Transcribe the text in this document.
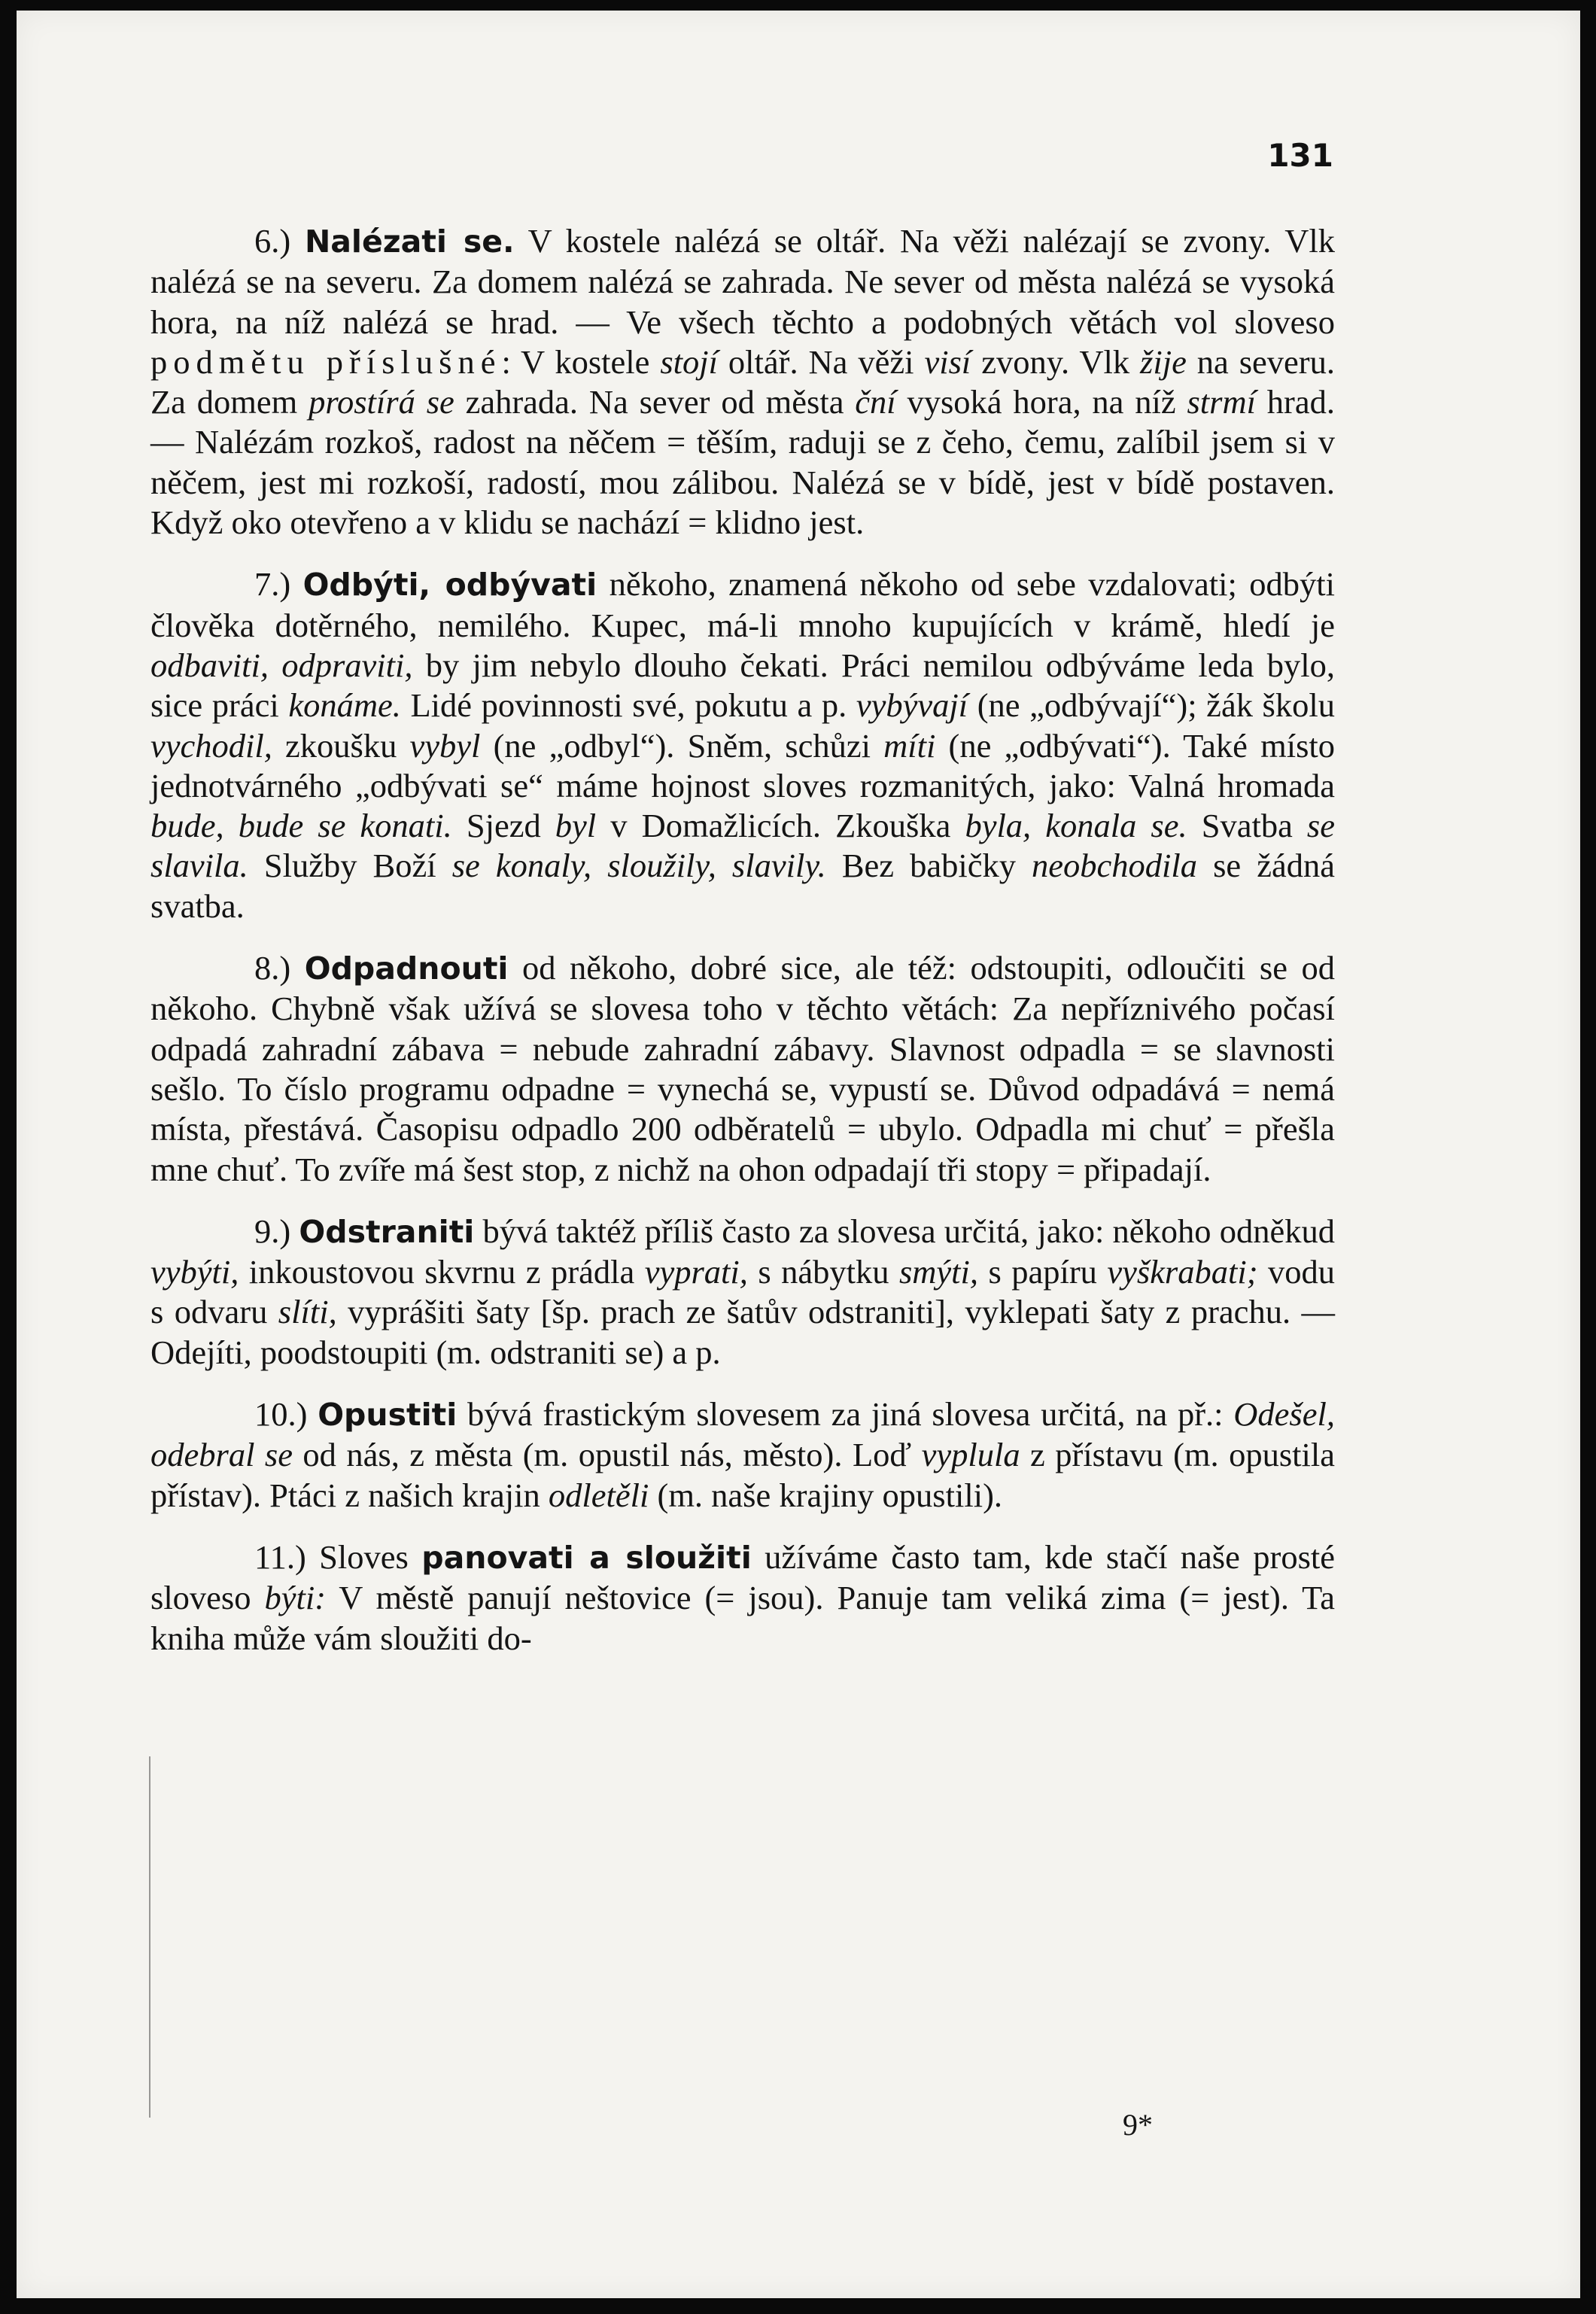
131

6.) Nalézati se. V kostele nalézá se oltář. Na věži nalézají se zvony. Vlk nalézá se na severu. Za domem nalézá se zahrada. Ne sever od města nalézá se vysoká hora, na níž nalézá se hrad. — Ve všech těchto a podobných větách vol sloveso podmětu příslušné: V kostele stojí oltář. Na věži visí zvony. Vlk žije na severu. Za domem prostírá se zahrada. Na sever od města ční vysoká hora, na níž strmí hrad. — Nalézám rozkoš, radost na něčem = těším, raduji se z čeho, čemu, zalíbil jsem si v něčem, jest mi rozkoší, radostí, mou zálibou. Nalézá se v bídě, jest v bídě postaven. Když oko otevřeno a v klidu se nachází = klidno jest.

7.) Odbýti, odbývati někoho, znamená někoho od sebe vzdalovati; odbýti člověka dotěrného, nemilého. Kupec, má-li mnoho kupujících v krámě, hledí je odbaviti, odpraviti, by jim nebylo dlouho čekati. Práci nemilou odbýváme leda bylo, sice práci konáme. Lidé povinnosti své, pokutu a p. vybývají (ne „odbývají“); žák školu vychodil, zkoušku vybyl (ne „odbyl“). Sněm, schůzi míti (ne „odbývati“). Také místo jednotvárného „odbývati se“ máme hojnost sloves rozmanitých, jako: Valná hromada bude, bude se konati. Sjezd byl v Domažlicích. Zkouška byla, konala se. Svatba se slavila. Služby Boží se konaly, sloužily, slavily. Bez babičky neobchodila se žádná svatba.

8.) Odpadnouti od někoho, dobré sice, ale též: odstoupiti, odloučiti se od někoho. Chybně však užívá se slovesa toho v těchto větách: Za nepříznivého počasí odpadá zahradní zábava = nebude zahradní zábavy. Slavnost odpadla = se slavnosti sešlo. To číslo programu odpadne = vynechá se, vypustí se. Důvod odpadává = nemá místa, přestává. Časopisu odpadlo 200 odběratelů = ubylo. Odpadla mi chuť = přešla mne chuť. To zvíře má šest stop, z nichž na ohon odpadají tři stopy = připadají.

9.) Odstraniti bývá taktéž příliš často za slovesa určitá, jako: někoho odněkud vybýti, inkoustovou skvrnu z prádla vyprati, s nábytku smýti, s papíru vyškrabati; vodu s odvaru slíti, vyprášiti šaty [šp. prach ze šatův odstraniti], vyklepati šaty z prachu. — Odejíti, poodstoupiti (m. odstraniti se) a p.

10.) Opustiti bývá frastickým slovesem za jiná slovesa určitá, na př.: Odešel, odebral se od nás, z města (m. opustil nás, město). Loď vyplula z přístavu (m. opustila přístav). Ptáci z našich krajin odletěli (m. naše krajiny opustili).

11.) Sloves panovati a sloužiti užíváme často tam, kde stačí naše prosté sloveso býti: V městě panují neštovice (= jsou). Panuje tam veliká zima (= jest). Ta kniha může vám sloužiti do-

9*
